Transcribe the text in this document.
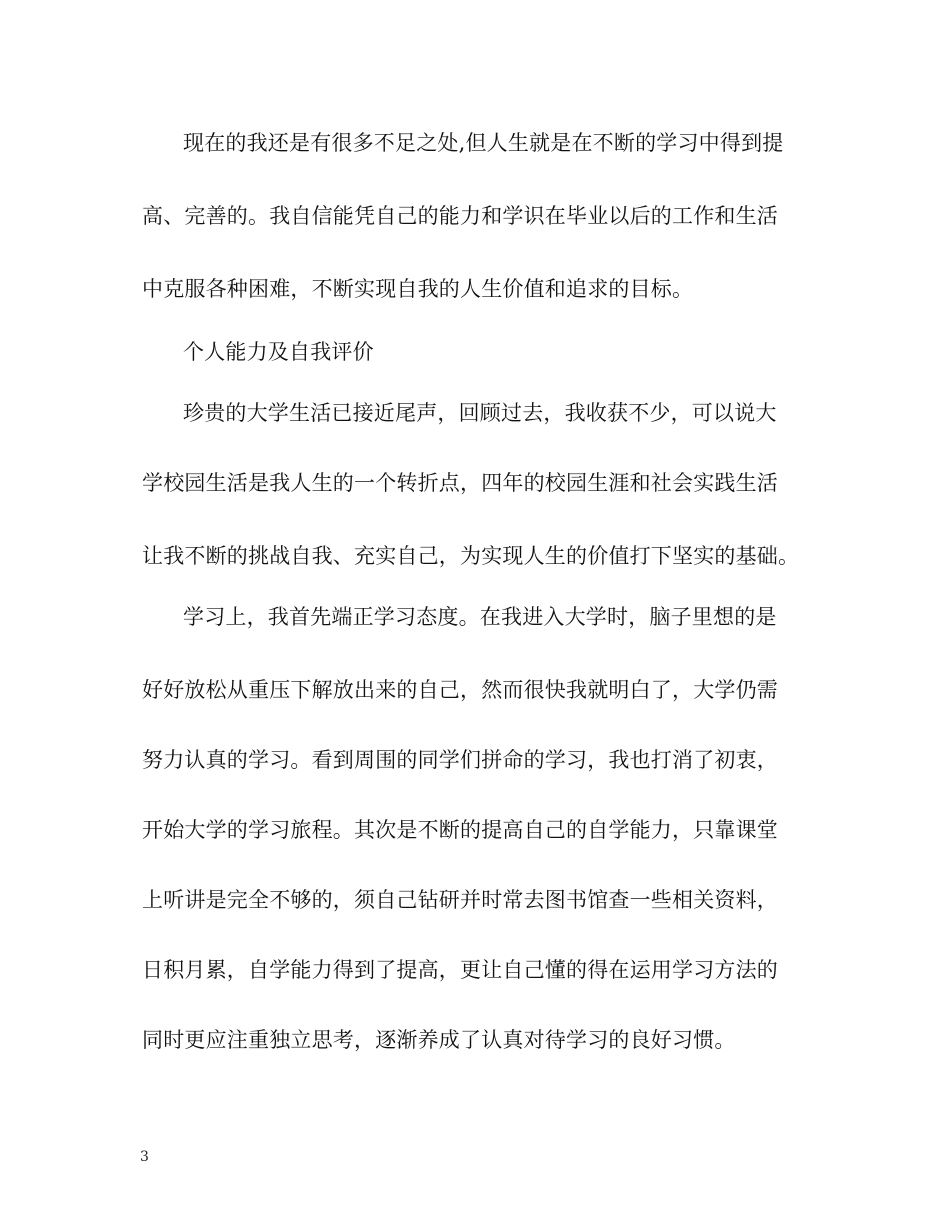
现在的我还是有很多不足之处,但人生就是在不断的学习中得到提
高、完善的。我自信能凭自己的能力和学识在毕业以后的工作和生活
中克服各种困难，不断实现自我的人生价值和追求的目标。
个人能力及自我评价
珍贵的大学生活已接近尾声，回顾过去，我收获不少，可以说大
学校园生活是我人生的一个转折点，四年的校园生涯和社会实践生活
让我不断的挑战自我、充实自己，为实现人生的价值打下坚实的基础。
学习上，我首先端正学习态度。在我进入大学时，脑子里想的是
好好放松从重压下解放出来的自己，然而很快我就明白了，大学仍需
努力认真的学习。看到周围的同学们拼命的学习，我也打消了初衷，
开始大学的学习旅程。其次是不断的提高自己的自学能力，只靠课堂
上听讲是完全不够的，须自己钻研并时常去图书馆查一些相关资料，
日积月累，自学能力得到了提高，更让自己懂的得在运用学习方法的
同时更应注重独立思考，逐渐养成了认真对待学习的良好习惯。
3
